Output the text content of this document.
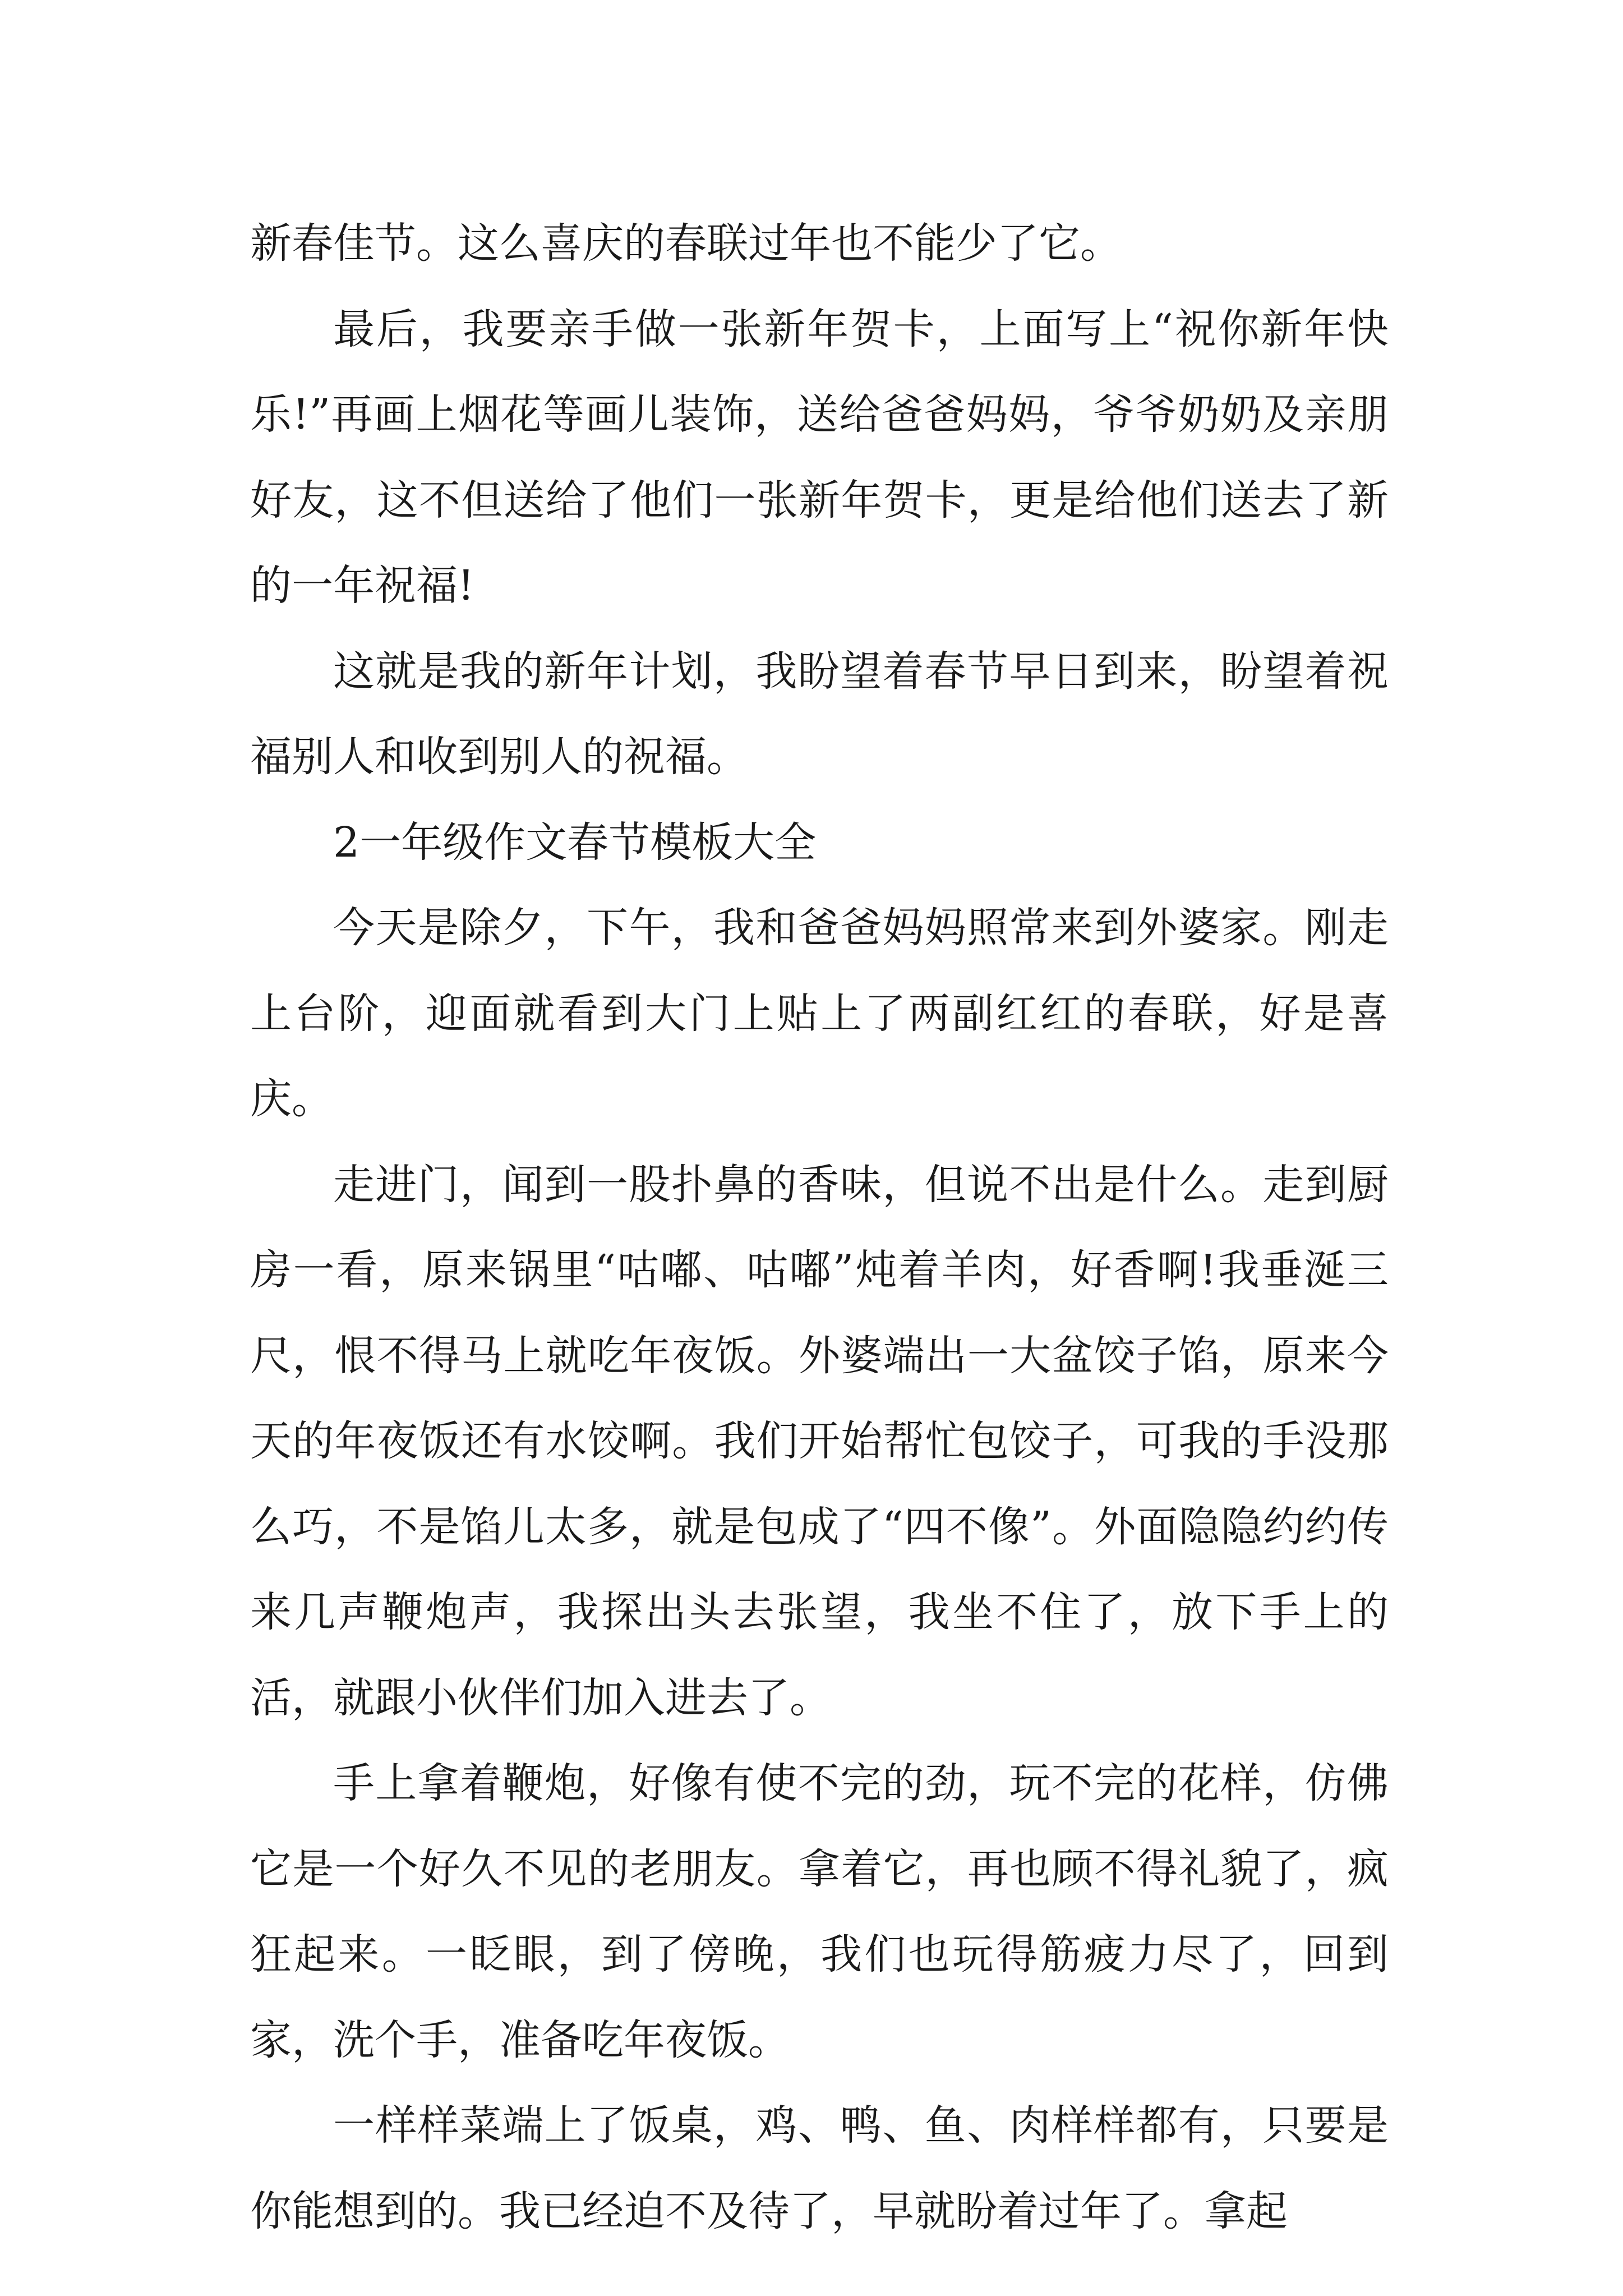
新春佳节。这么喜庆的春联过年也不能少了它。

最后，我要亲手做一张新年贺卡，上面写上“祝你新年快乐!”再画上烟花等画儿装饰，送给爸爸妈妈，爷爷奶奶及亲朋好友，这不但送给了他们一张新年贺卡，更是给他们送去了新的一年祝福!

这就是我的新年计划，我盼望着春节早日到来，盼望着祝福别人和收到别人的祝福。

2一年级作文春节模板大全

今天是除夕，下午，我和爸爸妈妈照常来到外婆家。刚走上台阶，迎面就看到大门上贴上了两副红红的春联，好是喜庆。

走进门，闻到一股扑鼻的香味，但说不出是什么。走到厨房一看，原来锅里“咕嘟、咕嘟”炖着羊肉，好香啊!我垂涎三尺，恨不得马上就吃年夜饭。外婆端出一大盆饺子馅，原来今天的年夜饭还有水饺啊。我们开始帮忙包饺子，可我的手没那么巧，不是馅儿太多，就是包成了“四不像”。外面隐隐约约传来几声鞭炮声，我探出头去张望，我坐不住了，放下手上的活，就跟小伙伴们加入进去了。

手上拿着鞭炮，好像有使不完的劲，玩不完的花样，仿佛它是一个好久不见的老朋友。拿着它，再也顾不得礼貌了，疯狂起来。一眨眼，到了傍晚，我们也玩得筋疲力尽了，回到家，洗个手，准备吃年夜饭。

一样样菜端上了饭桌，鸡、鸭、鱼、肉样样都有，只要是你能想到的。我已经迫不及待了，早就盼着过年了。拿起
